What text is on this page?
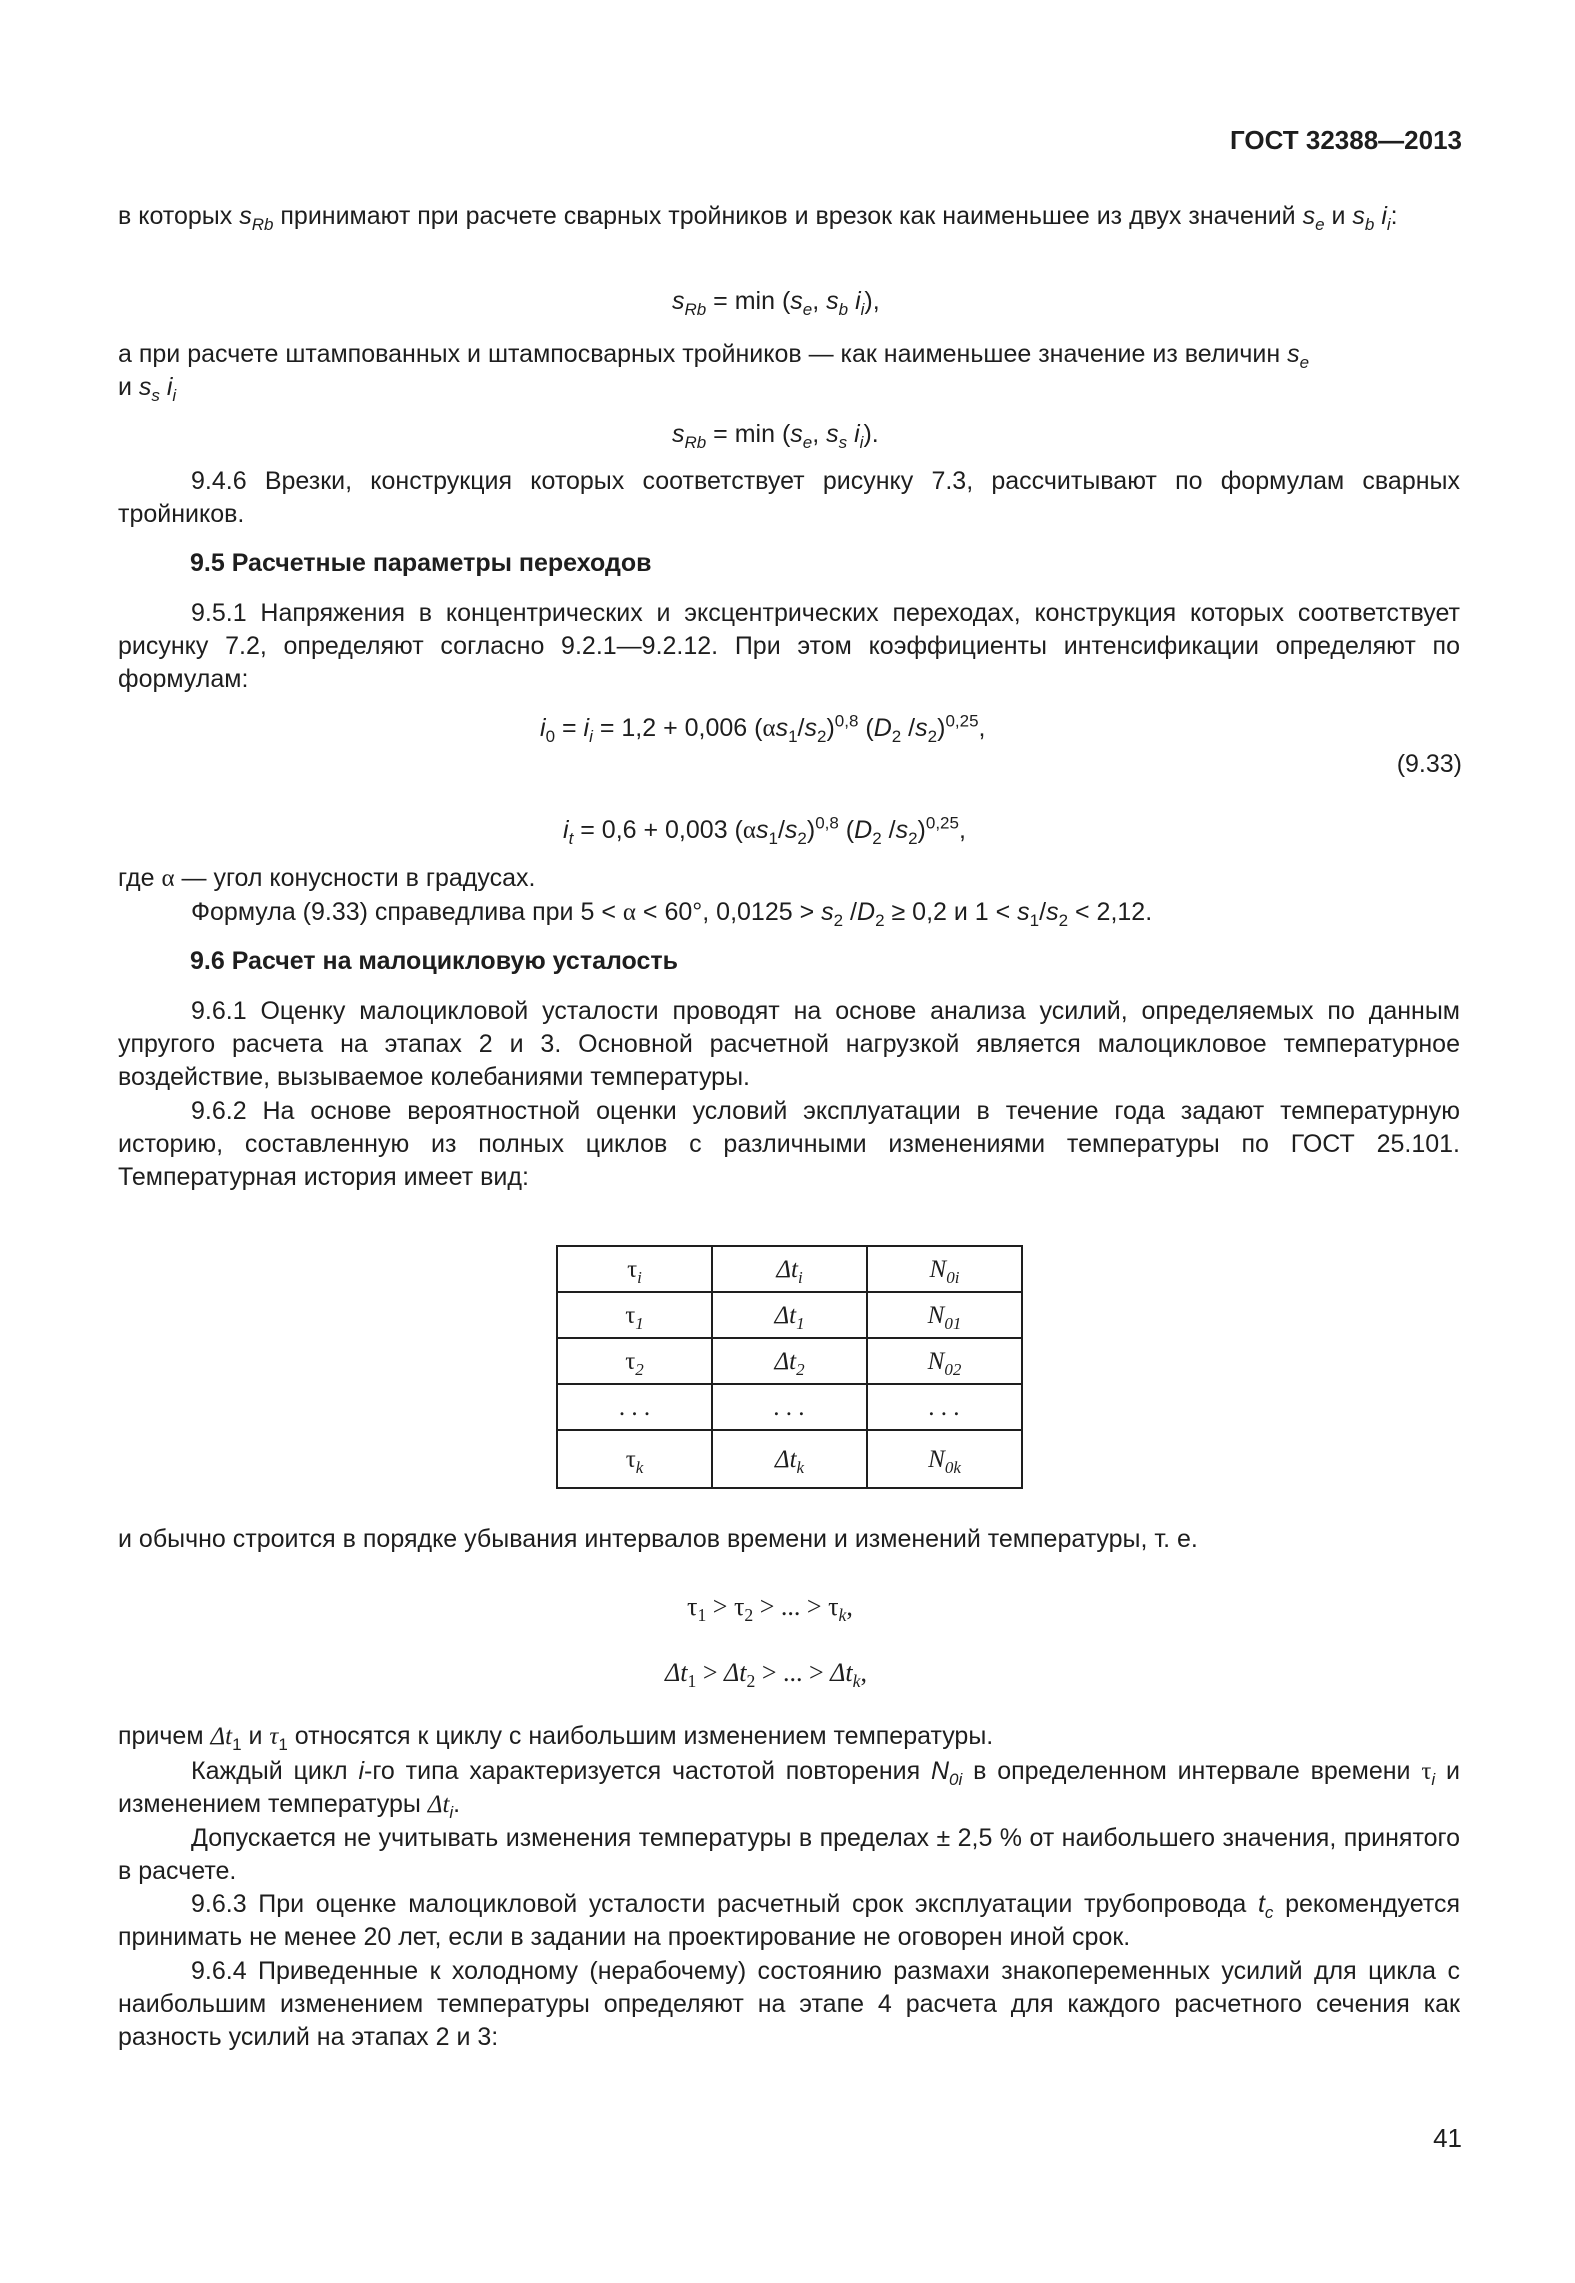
ГОСТ 32388—2013

в которых $s_{Rb}$ принимают при расчете сварных тройников и врезок как наименьшее из двух значений $s_e$ и $s_b$ $i_i$:

$s_{Rb} = \min (s_e$, $s_b$ $i_i$),

а при расчете штампованных и штампосварных тройников — как наименьшее значение из величин $s_e$
и $s_s$ $i_i$

$s_{Rb} = \min (s_e$, $s_s$ $i_i$).

9.4.6 Врезки, конструкция которых соответствует рисунку 7.3, рассчитывают по формулам сварных тройников.

9.5 Расчетные параметры переходов

9.5.1 Напряжения в концентрических и эксцентрических переходах, конструкция которых соответствует рисунку 7.2, определяют согласно 9.2.1—9.2.12. При этом коэффициенты интенсификации определяют по формулам:

$i_0 = i_i = 1,2 + 0,006$ $(\alpha s_1/s_2)^{0,8}$ ($D_2$ $/s_2)^{0,25}$,
(9.33)
$i_t = 0,6 + 0,003$ $(\alpha s_1/s_2)^{0,8}$ ($D_2$ $/s_2)^{0,25}$,

где α — угол конусности в градусах.

Формула (9.33) справедлива при 5 < α < 60°, $0,0125 > s_2$ $/D_2 \ge 0,2$ и $1 < s_1/s_2 < 2,12$.

9.6 Расчет на малоцикловую усталость

9.6.1 Оценку малоцикловой усталости проводят на основе анализа усилий, определяемых по данным упругого расчета на этапах 2 и 3. Основной расчетной нагрузкой является малоцикловое температурное воздействие, вызываемое колебаниями температуры.

9.6.2 На основе вероятностной оценки условий эксплуатации в течение года задают температурную историю, составленную из полных циклов с различными изменениями температуры по ГОСТ 25.101. Температурная история имеет вид:

$\tau_i$	$\Delta t_i$	$N_{0i}$
$\tau_1$	$\Delta t_1$	$N_{01}$
$\tau_2$	$\Delta t_2$	$N_{02}$
. . .	. . .	. . .
$\tau_k$	$\Delta t_k$	$N_{0k}$

и обычно строится в порядке убывания интервалов времени и изменений температуры, т. е.

$\tau_1 > \tau_2$ > ... > $\tau_k$,
$\Delta t_1 > \Delta t_2$ > ... > $\Delta t_k$,

причем $\Delta t_1$ и $\tau_1$ относятся к циклу с наибольшим изменением температуры.

Каждый цикл i-го типа характеризуется частотой повторения $N_{0i}$ в определенном интервале времени $\tau_i$ и изменением температуры $\Delta t_i$.

Допускается не учитывать изменения температуры в пределах ± 2,5 % от наибольшего значения, принятого в расчете.

9.6.3 При оценке малоцикловой усталости расчетный срок эксплуатации трубопровода $t_c$ рекомендуется принимать не менее 20 лет, если в задании на проектирование не оговорен иной срок.

9.6.4 Приведенные к холодному (нерабочему) состоянию размахи знакопеременных усилий для цикла с наибольшим изменением температуры определяют на этапе 4 расчета для каждого расчетного сечения как разность усилий на этапах 2 и 3:

41
